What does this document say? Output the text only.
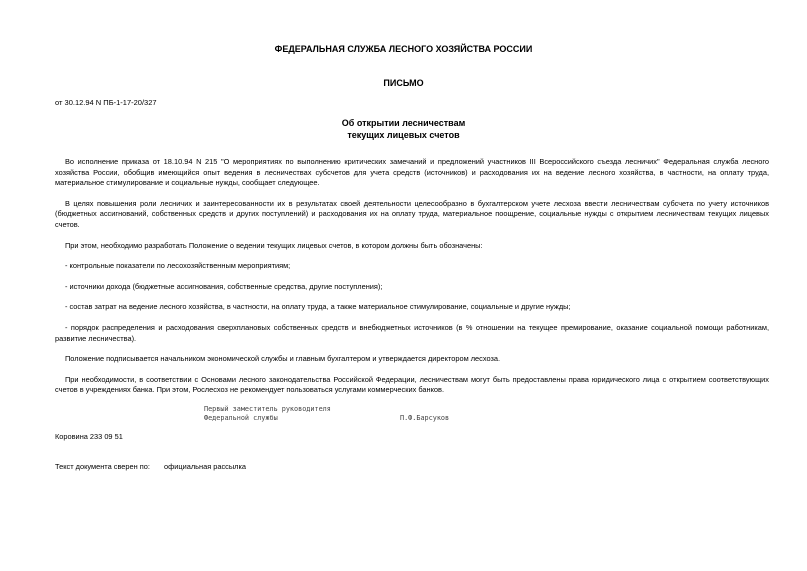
ФЕДЕРАЛЬНАЯ СЛУЖБА ЛЕСНОГО ХОЗЯЙСТВА РОССИИ
ПИСЬМО
от 30.12.94 N ПБ-1-17-20/327
Об открытии лесничествам
текущих лицевых счетов

Во исполнение приказа от 18.10.94 N 215 "О мероприятиях по выполнению критических замечаний и предложений участников III Всероссийского съезда лесничих" Федеральная служба лесного хозяйства России, обобщив имеющийся опыт ведения в лесничествах субсчетов для учета средств (источников) и расходования их на ведение лесного хозяйства, в частности, на оплату труда, материальное стимулирование и социальные нужды, сообщает следующее.

В целях повышения роли лесничих и заинтересованности их в результатах своей деятельности целесообразно в бухгалтерском учете лесхоза ввести лесничествам субсчета по учету источников (бюджетных ассигнований, собственных средств и других поступлений) и расходования их на оплату труда, материальное поощрение, социальные нужды с открытием лесничествам текущих лицевых счетов.

При этом, необходимо разработать Положение о ведении текущих лицевых счетов, в котором должны быть обозначены:

- контрольные показатели по лесохозяйственным мероприятиям;

- источники дохода (бюджетные ассигнования, собственные средства, другие поступления);

- состав затрат на ведение лесного хозяйства, в частности, на оплату труда, а также материальное стимулирование, социальные и другие нужды;

- порядок распределения и расходования сверхплановых собственных средств и внебюджетных источников (в % отношении на текущее премирование, оказание социальной помощи работникам, развитие лесничества).

Положение подписывается начальником экономической службы и главным бухгалтером и утверждается директором лесхоза.

При необходимости, в соответствии с Основами лесного законодательства Российской Федерации, лесничествам могут быть предоставлены права юридического лица с открытием соответствующих счетов в учреждениях банка. При этом, Рослесхоз не рекомендует пользоваться услугами коммерческих банков.

Первый заместитель руководителя
Федеральной службы	П.Ф.Барсуков
Коровина 233 09 51
Текст документа сверен по: официальная рассылка
